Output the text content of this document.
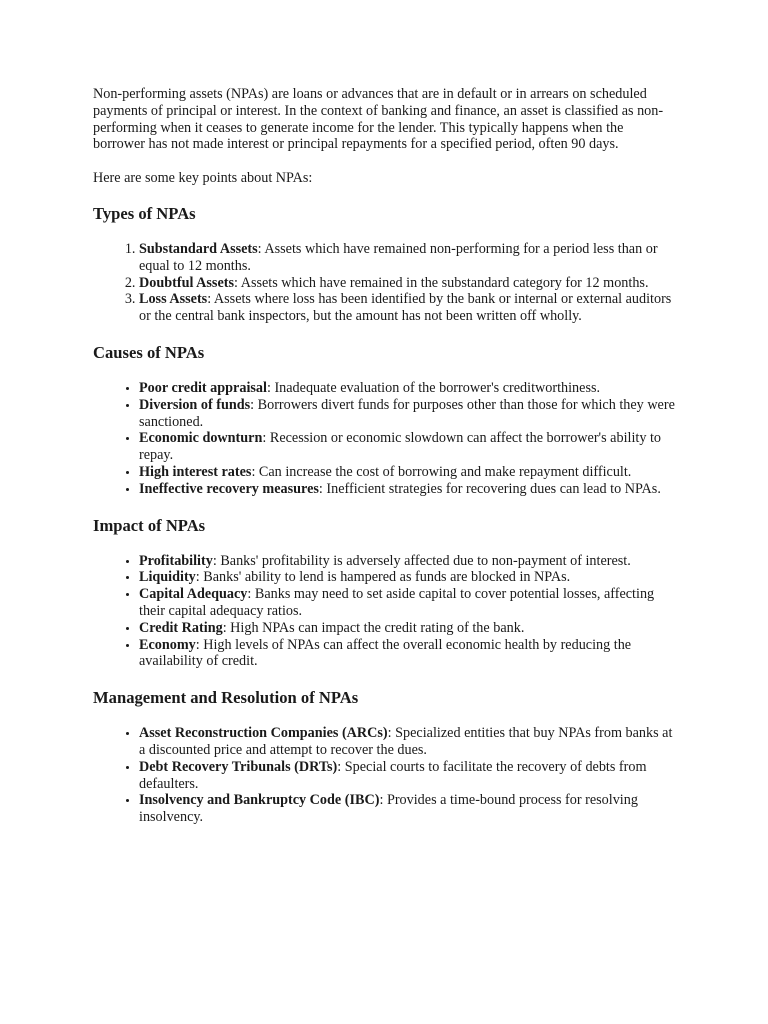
Non-performing assets (NPAs) are loans or advances that are in default or in arrears on scheduled payments of principal or interest. In the context of banking and finance, an asset is classified as non-performing when it ceases to generate income for the lender. This typically happens when the borrower has not made interest or principal repayments for a specified period, often 90 days.

Here are some key points about NPAs:

Types of NPAs
1. Substandard Assets: Assets which have remained non-performing for a period less than or equal to 12 months.
2. Doubtful Assets: Assets which have remained in the substandard category for 12 months.
3. Loss Assets: Assets where loss has been identified by the bank or internal or external auditors or the central bank inspectors, but the amount has not been written off wholly.
Causes of NPAs
• Poor credit appraisal: Inadequate evaluation of the borrower's creditworthiness.
• Diversion of funds: Borrowers divert funds for purposes other than those for which they were sanctioned.
• Economic downturn: Recession or economic slowdown can affect the borrower's ability to repay.
• High interest rates: Can increase the cost of borrowing and make repayment difficult.
• Ineffective recovery measures: Inefficient strategies for recovering dues can lead to NPAs.
Impact of NPAs
• Profitability: Banks' profitability is adversely affected due to non-payment of interest.
• Liquidity: Banks' ability to lend is hampered as funds are blocked in NPAs.
• Capital Adequacy: Banks may need to set aside capital to cover potential losses, affecting their capital adequacy ratios.
• Credit Rating: High NPAs can impact the credit rating of the bank.
• Economy: High levels of NPAs can affect the overall economic health by reducing the availability of credit.
Management and Resolution of NPAs
• Asset Reconstruction Companies (ARCs): Specialized entities that buy NPAs from banks at a discounted price and attempt to recover the dues.
• Debt Recovery Tribunals (DRTs): Special courts to facilitate the recovery of debts from defaulters.
• Insolvency and Bankruptcy Code (IBC): Provides a time-bound process for resolving insolvency.
